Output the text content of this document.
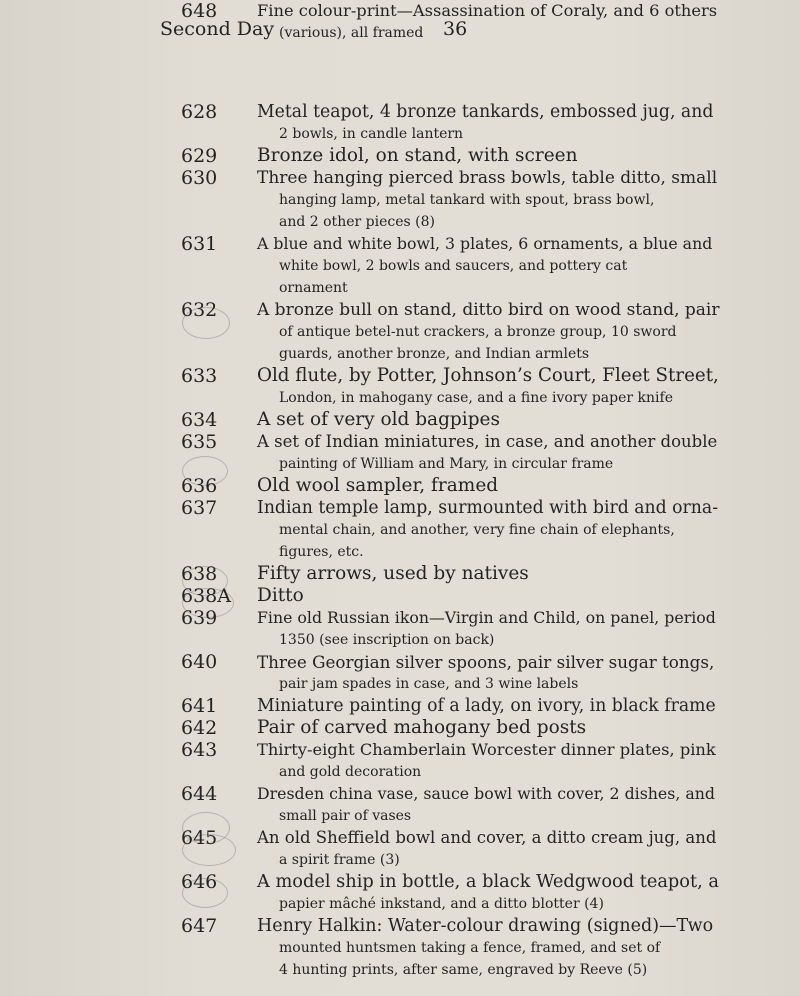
Second Day	36
628	Metal teapot, 4 bronze tankards, embossed jug, and
2 bowls, in candle lantern
629	Bronze idol, on stand, with screen
630	Three hanging pierced brass bowls, table ditto, small
hanging lamp, metal tankard with spout, brass bowl,
and 2 other pieces (8)
631	A blue and white bowl, 3 plates, 6 ornaments, a blue and
white bowl, 2 bowls and saucers, and pottery cat
ornament
632	A bronze bull on stand, ditto bird on wood stand, pair
of antique betel-nut crackers, a bronze group, 10 sword
guards, another bronze, and Indian armlets
633	Old flute, by Potter, Johnson’s Court, Fleet Street,
London, in mahogany case, and a fine ivory paper knife
634	A set of very old bagpipes
635	A set of Indian miniatures, in case, and another double
painting of William and Mary, in circular frame
636	Old wool sampler, framed
637	Indian temple lamp, surmounted with bird and orna-
mental chain, and another, very fine chain of elephants,
figures, etc.
638	Fifty arrows, used by natives
638A Ditto
639	Fine old Russian ikon—Virgin and Child, on panel, period
1350 (see inscription on back)
640	Three Georgian silver spoons, pair silver sugar tongs,
pair jam spades in case, and 3 wine labels
641	Miniature painting of a lady, on ivory, in black frame
642	Pair of carved mahogany bed posts
643	Thirty-eight Chamberlain Worcester dinner plates, pink
and gold decoration
644	Dresden china vase, sauce bowl with cover, 2 dishes, and
small pair of vases
645	An old Sheffield bowl and cover, a ditto cream jug, and
a spirit frame (3)
646	A model ship in bottle, a black Wedgwood teapot, a
papier mâché inkstand, and a ditto blotter (4)
647	Henry Halkin: Water-colour drawing (signed)—Two
mounted huntsmen taking a fence, framed, and set of
4 hunting prints, after same, engraved by Reeve (5)
648	Fine colour-print—Assassination of Coraly, and 6 others
(various), all framed
